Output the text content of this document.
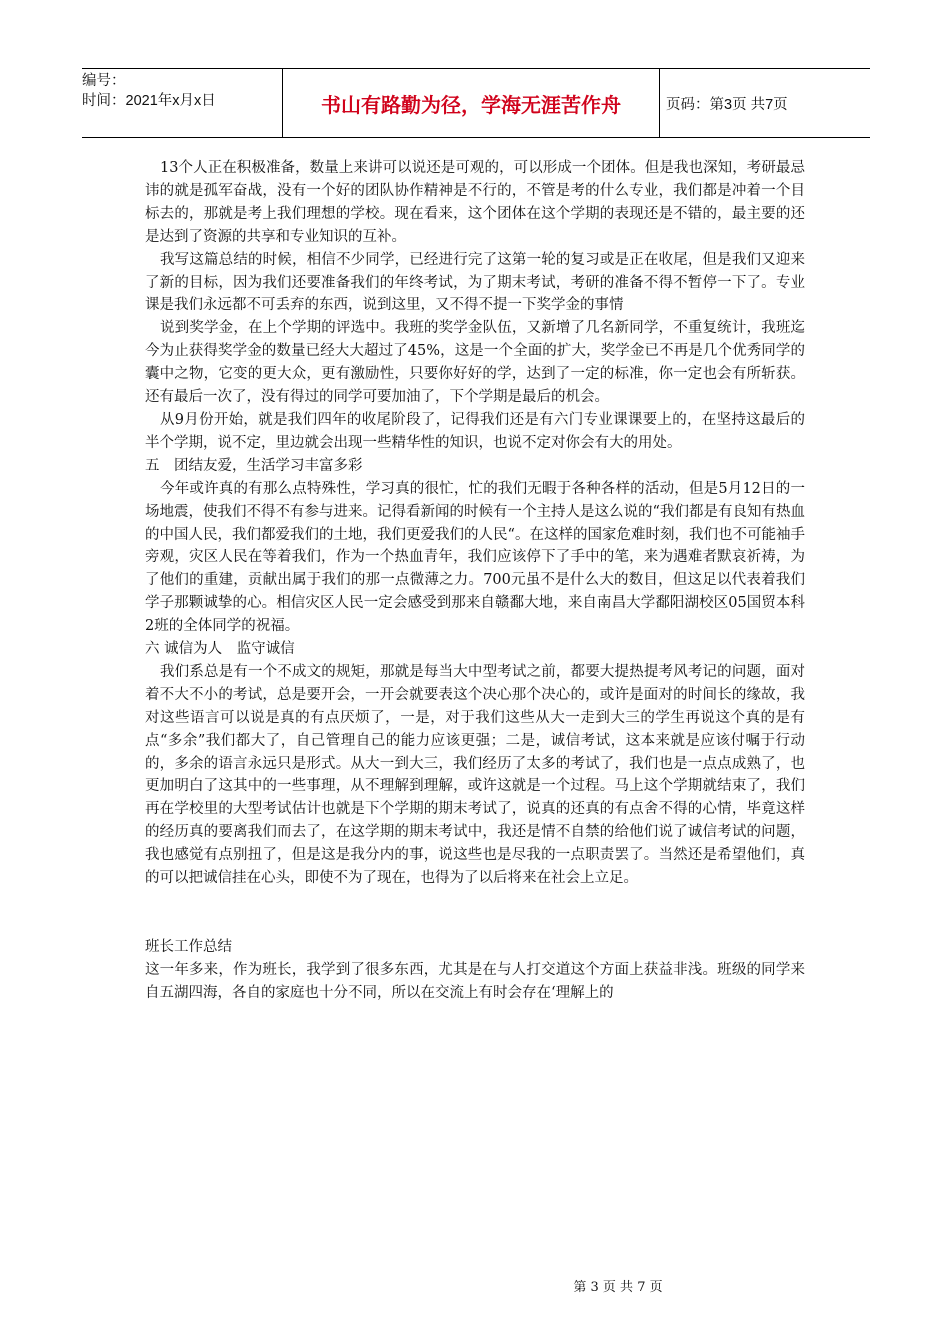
编号：
时间：2021年x月x日	书山有路勤为径，学海无涯苦作舟	页码：第3页 共7页

13个人正在积极准备，数量上来讲可以说还是可观的，可以形成一个团体。但是我也深知，考研最忌讳的就是孤军奋战，没有一个好的团队协作精神是不行的，不管是考的什么专业，我们都是冲着一个目标去的，那就是考上我们理想的学校。现在看来，这个团体在这个学期的表现还是不错的，最主要的还是达到了资源的共享和专业知识的互补。

我写这篇总结的时候，相信不少同学，已经进行完了这第一轮的复习或是正在收尾，但是我们又迎来了新的目标，因为我们还要准备我们的年终考试，为了期末考试，考研的准备不得不暂停一下了。专业课是我们永远都不可丢弃的东西，说到这里，又不得不提一下奖学金的事情

说到奖学金，在上个学期的评选中。我班的奖学金队伍，又新增了几名新同学，不重复统计，我班迄今为止获得奖学金的数量已经大大超过了45%，这是一个全面的扩大，奖学金已不再是几个优秀同学的囊中之物，它变的更大众，更有激励性，只要你好好的学，达到了一定的标准，你一定也会有所斩获。还有最后一次了，没有得过的同学可要加油了，下个学期是最后的机会。

从9月份开始，就是我们四年的收尾阶段了，记得我们还是有六门专业课课要上的，在坚持这最后的半个学期，说不定，里边就会出现一些精华性的知识，也说不定对你会有大的用处。

五　团结友爱，生活学习丰富多彩

今年或许真的有那么点特殊性，学习真的很忙，忙的我们无暇于各种各样的活动，但是5月12日的一场地震，使我们不得不有参与进来。记得看新闻的时候有一个主持人是这么说的“我们都是有良知有热血的中国人民，我们都爱我们的土地，我们更爱我们的人民“。在这样的国家危难时刻，我们也不可能袖手旁观，灾区人民在等着我们，作为一个热血青年，我们应该停下了手中的笔，来为遇难者默哀祈祷，为了他们的重建，贡献出属于我们的那一点微薄之力。700元虽不是什么大的数目，但这足以代表着我们学子那颗诚挚的心。相信灾区人民一定会感受到那来自赣鄱大地，来自南昌大学鄱阳湖校区05国贸本科2班的全体同学的祝福。

六 诚信为人　监守诚信

我们系总是有一个不成文的规矩，那就是每当大中型考试之前，都要大提热提考风考记的问题，面对着不大不小的考试，总是要开会，一开会就要表这个决心那个决心的，或许是面对的时间长的缘故，我对这些语言可以说是真的有点厌烦了，一是，对于我们这些从大一走到大三的学生再说这个真的是有点“多余”我们都大了，自己管理自己的能力应该更强；二是，诚信考试，这本来就是应该付嘱于行动的，多余的语言永远只是形式。从大一到大三，我们经历了太多的考试了，我们也是一点点成熟了，也更加明白了这其中的一些事理，从不理解到理解，或许这就是一个过程。马上这个学期就结束了，我们再在学校里的大型考试估计也就是下个学期的期末考试了，说真的还真的有点舍不得的心情，毕竟这样的经历真的要离我们而去了，在这学期的期末考试中，我还是情不自禁的给他们说了诚信考试的问题，我也感觉有点别扭了，但是这是我分内的事，说这些也是尽我的一点职责罢了。当然还是希望他们，真的可以把诚信挂在心头，即使不为了现在，也得为了以后将来在社会上立足。

班长工作总结

这一年多来，作为班长，我学到了很多东西，尤其是在与人打交道这个方面上获益非浅。班级的同学来自五湖四海，各自的家庭也十分不同，所以在交流上有时会存在‘理解上的

第 3 页 共 7 页
